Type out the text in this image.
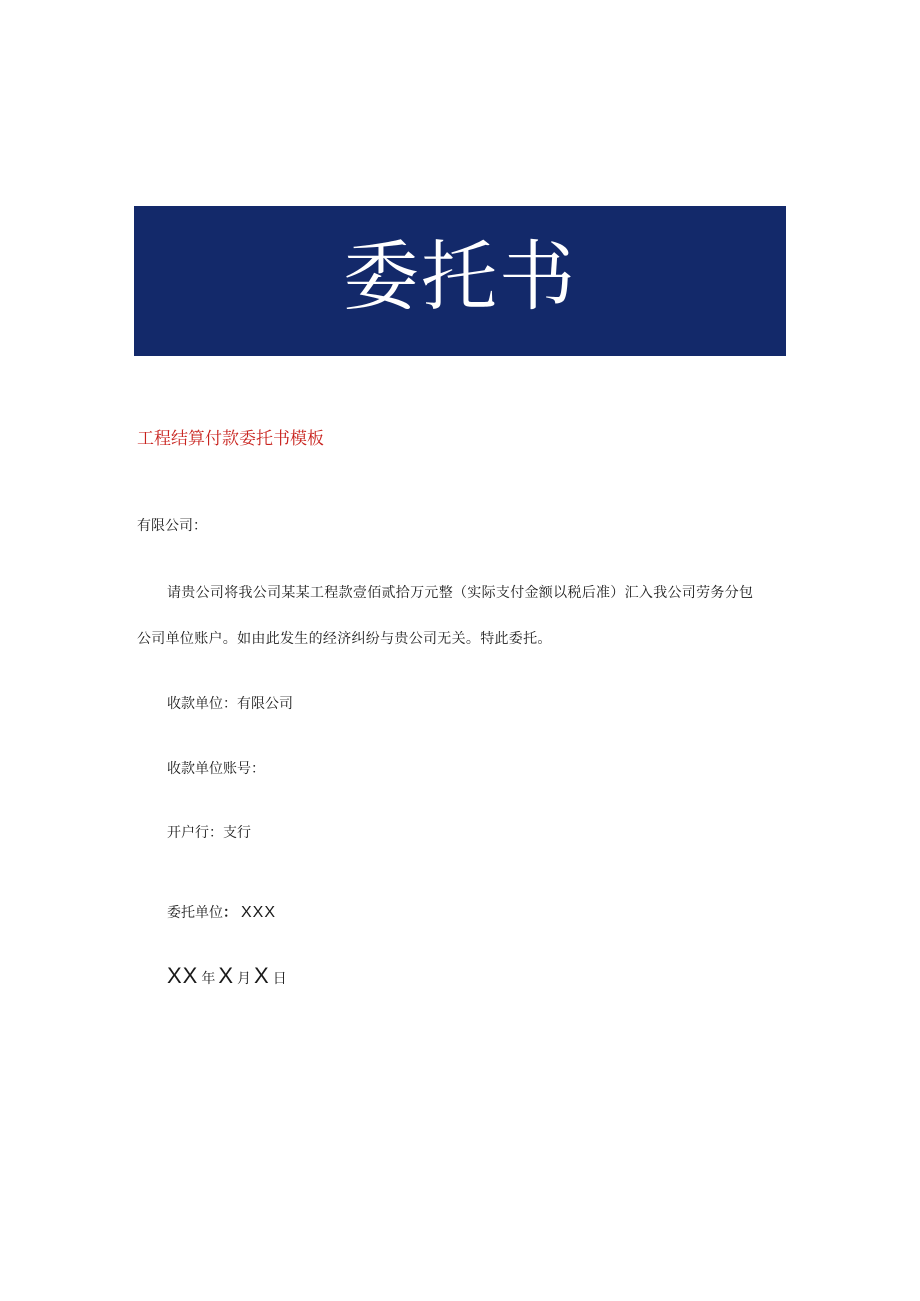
委托书
工程结算付款委托书模板
有限公司：
请贵公司将我公司某某工程款壹佰贰拾万元整（实际支付金额以税后准）汇入我公司劳务分包
公司单位账户。如由此发生的经济纠纷与贵公司无关。特此委托。
收款单位：有限公司
收款单位账号：
开户行：支行
委托单位： XXX
XX 年 X 月 X 日
